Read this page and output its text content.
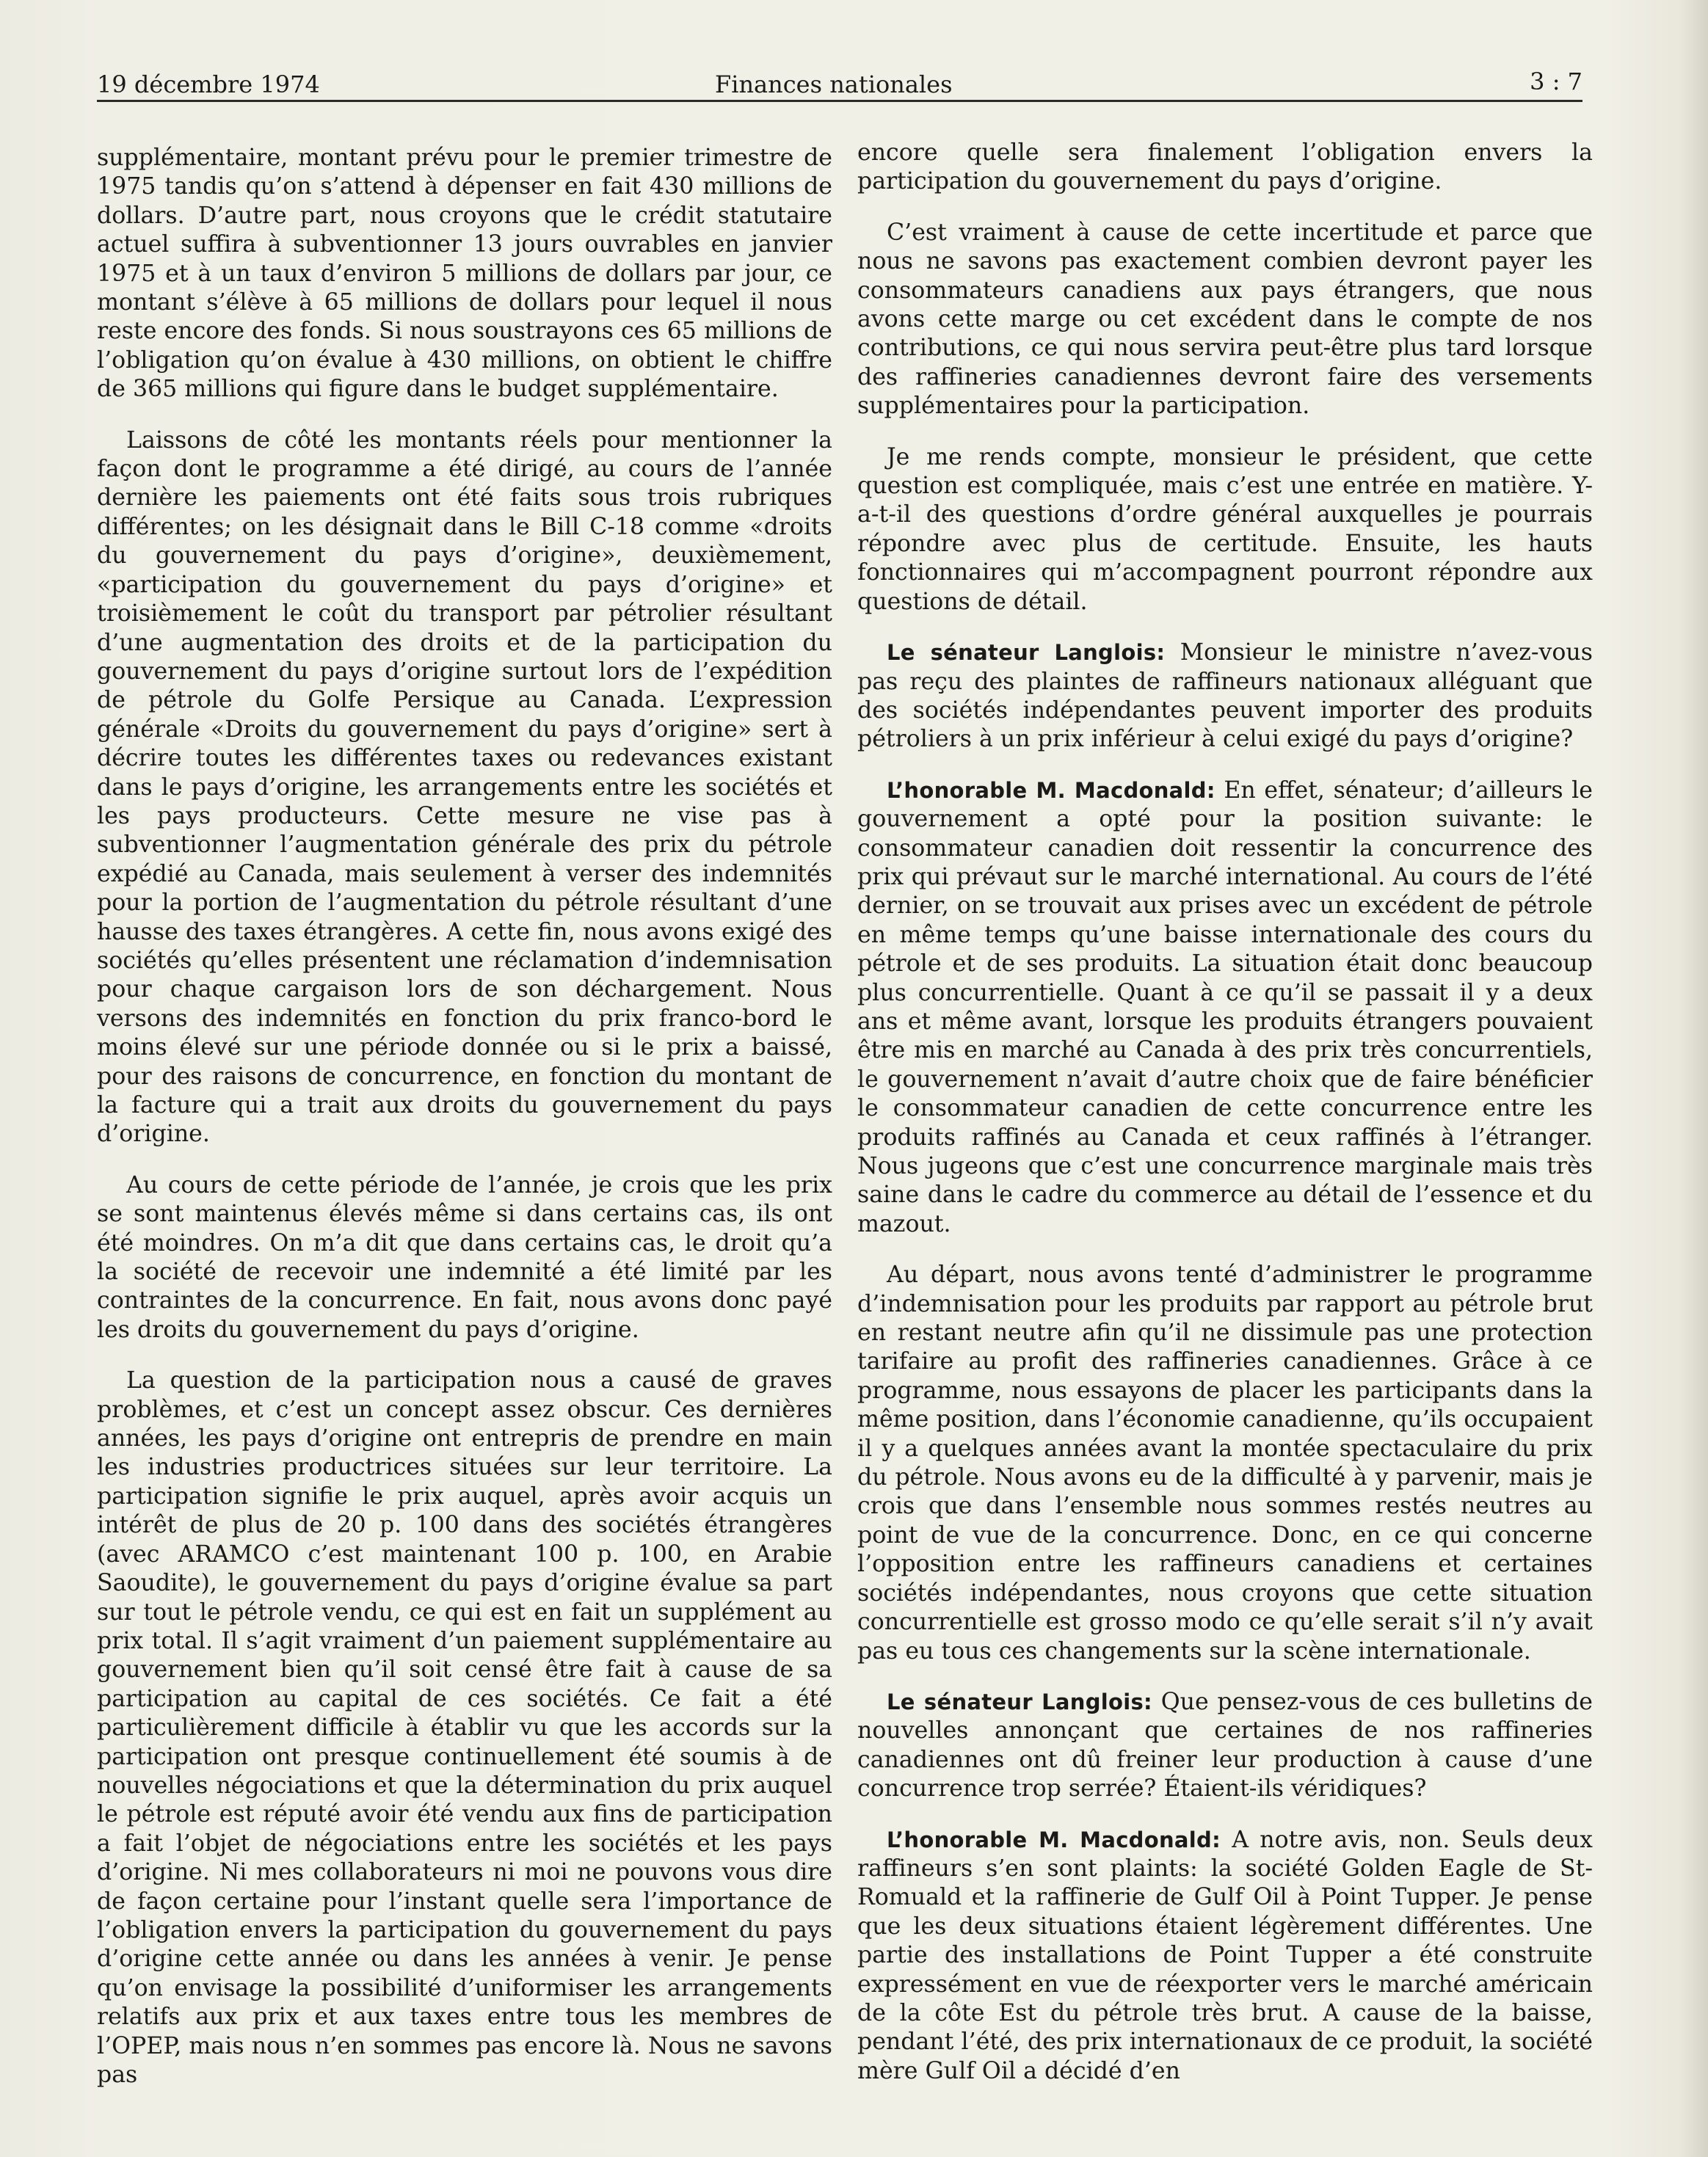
19 décembre 1974	Finances nationales	3 : 7

supplémentaire, montant prévu pour le premier trimestre de 1975 tandis qu’on s’attend à dépenser en fait 430 millions de dollars. D’autre part, nous croyons que le crédit statutaire actuel suffira à subventionner 13 jours ouvrables en janvier 1975 et à un taux d’environ 5 millions de dollars par jour, ce montant s’élève à 65 millions de dollars pour lequel il nous reste encore des fonds. Si nous soustrayons ces 65 millions de l’obligation qu’on évalue à 430 millions, on obtient le chiffre de 365 millions qui figure dans le budget supplémentaire.

Laissons de côté les montants réels pour mentionner la façon dont le programme a été dirigé, au cours de l’année dernière les paiements ont été faits sous trois rubriques différentes; on les désignait dans le Bill C-18 comme «droits du gouvernement du pays d’origine», deuxièmement, «participation du gouvernement du pays d’origine» et troisièmement le coût du transport par pétrolier résultant d’une augmentation des droits et de la participation du gouvernement du pays d’origine surtout lors de l’expédition de pétrole du Golfe Persique au Canada. L’expression générale «Droits du gouvernement du pays d’origine» sert à décrire toutes les différentes taxes ou redevances existant dans le pays d’origine, les arrangements entre les sociétés et les pays producteurs. Cette mesure ne vise pas à subventionner l’augmentation générale des prix du pétrole expédié au Canada, mais seulement à verser des indemnités pour la portion de l’augmentation du pétrole résultant d’une hausse des taxes étrangères. A cette fin, nous avons exigé des sociétés qu’elles présentent une réclamation d’indemnisation pour chaque cargaison lors de son déchargement. Nous versons des indemnités en fonction du prix franco-bord le moins élevé sur une période donnée ou si le prix a baissé, pour des raisons de concurrence, en fonction du montant de la facture qui a trait aux droits du gouvernement du pays d’origine.

Au cours de cette période de l’année, je crois que les prix se sont maintenus élevés même si dans certains cas, ils ont été moindres. On m’a dit que dans certains cas, le droit qu’a la société de recevoir une indemnité a été limité par les contraintes de la concurrence. En fait, nous avons donc payé les droits du gouvernement du pays d’origine.

La question de la participation nous a causé de graves problèmes, et c’est un concept assez obscur. Ces dernières années, les pays d’origine ont entrepris de prendre en main les industries productrices situées sur leur territoire. La participation signifie le prix auquel, après avoir acquis un intérêt de plus de 20 p. 100 dans des sociétés étrangères (avec ARAMCO c’est maintenant 100 p. 100, en Arabie Saoudite), le gouvernement du pays d’origine évalue sa part sur tout le pétrole vendu, ce qui est en fait un supplément au prix total. Il s’agit vraiment d’un paiement supplémentaire au gouvernement bien qu’il soit censé être fait à cause de sa participation au capital de ces sociétés. Ce fait a été particulièrement difficile à établir vu que les accords sur la participation ont presque continuellement été soumis à de nouvelles négociations et que la détermination du prix auquel le pétrole est réputé avoir été vendu aux fins de participation a fait l’objet de négociations entre les sociétés et les pays d’origine. Ni mes collaborateurs ni moi ne pouvons vous dire de façon certaine pour l’instant quelle sera l’importance de l’obligation envers la participation du gouvernement du pays d’origine cette année ou dans les années à venir. Je pense qu’on envisage la possibilité d’uniformiser les arrangements relatifs aux prix et aux taxes entre tous les membres de l’OPEP, mais nous n’en sommes pas encore là. Nous ne savons pas

encore quelle sera finalement l’obligation envers la participation du gouvernement du pays d’origine.

C’est vraiment à cause de cette incertitude et parce que nous ne savons pas exactement combien devront payer les consommateurs canadiens aux pays étrangers, que nous avons cette marge ou cet excédent dans le compte de nos contributions, ce qui nous servira peut-être plus tard lorsque des raffineries canadiennes devront faire des versements supplémentaires pour la participation.

Je me rends compte, monsieur le président, que cette question est compliquée, mais c’est une entrée en matière. Y-a-t-il des questions d’ordre général auxquelles je pourrais répondre avec plus de certitude. Ensuite, les hauts fonctionnaires qui m’accompagnent pourront répondre aux questions de détail.

Le sénateur Langlois: Monsieur le ministre n’avez-vous pas reçu des plaintes de raffineurs nationaux alléguant que des sociétés indépendantes peuvent importer des produits pétroliers à un prix inférieur à celui exigé du pays d’origine?

L’honorable M. Macdonald: En effet, sénateur; d’ailleurs le gouvernement a opté pour la position suivante: le consommateur canadien doit ressentir la concurrence des prix qui prévaut sur le marché international. Au cours de l’été dernier, on se trouvait aux prises avec un excédent de pétrole en même temps qu’une baisse internationale des cours du pétrole et de ses produits. La situation était donc beaucoup plus concurrentielle. Quant à ce qu’il se passait il y a deux ans et même avant, lorsque les produits étrangers pouvaient être mis en marché au Canada à des prix très concurrentiels, le gouvernement n’avait d’autre choix que de faire bénéficier le consommateur canadien de cette concurrence entre les produits raffinés au Canada et ceux raffinés à l’étranger. Nous jugeons que c’est une concurrence marginale mais très saine dans le cadre du commerce au détail de l’essence et du mazout.

Au départ, nous avons tenté d’administrer le programme d’indemnisation pour les produits par rapport au pétrole brut en restant neutre afin qu’il ne dissimule pas une protection tarifaire au profit des raffineries canadiennes. Grâce à ce programme, nous essayons de placer les participants dans la même position, dans l’économie canadienne, qu’ils occupaient il y a quelques années avant la montée spectaculaire du prix du pétrole. Nous avons eu de la difficulté à y parvenir, mais je crois que dans l’ensemble nous sommes restés neutres au point de vue de la concurrence. Donc, en ce qui concerne l’opposition entre les raffineurs canadiens et certaines sociétés indépendantes, nous croyons que cette situation concurrentielle est grosso modo ce qu’elle serait s’il n’y avait pas eu tous ces changements sur la scène internationale.

Le sénateur Langlois: Que pensez-vous de ces bulletins de nouvelles annonçant que certaines de nos raffineries canadiennes ont dû freiner leur production à cause d’une concurrence trop serrée? Étaient-ils véridiques?

L’honorable M. Macdonald: A notre avis, non. Seuls deux raffineurs s’en sont plaints: la société Golden Eagle de St-Romuald et la raffinerie de Gulf Oil à Point Tupper. Je pense que les deux situations étaient légèrement différentes. Une partie des installations de Point Tupper a été construite expressément en vue de réexporter vers le marché américain de la côte Est du pétrole très brut. A cause de la baisse, pendant l’été, des prix internationaux de ce produit, la société mère Gulf Oil a décidé d’en
